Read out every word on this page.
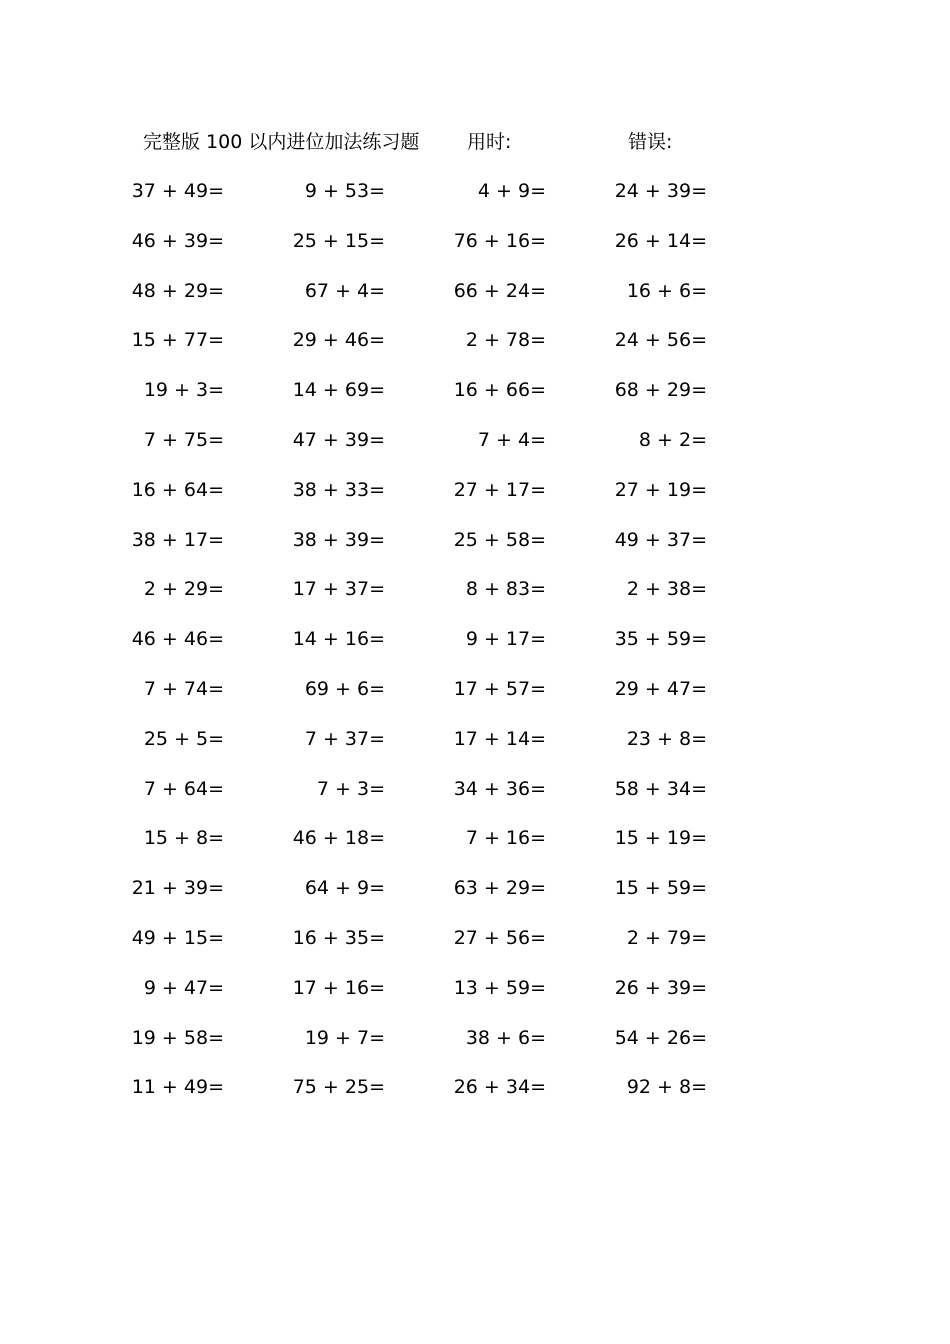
完整版 100 以内进位加法练习题	用时:	错误:
37 + 49=	9 + 53=	4 + 9=	24 + 39=
46 + 39=	25 + 15=	76 + 16=	26 + 14=
48 + 29=	67 + 4=	66 + 24=	16 + 6=
15 + 77=	29 + 46=	2 + 78=	24 + 56=
19 + 3=	14 + 69=	16 + 66=	68 + 29=
7 + 75=	47 + 39=	7 + 4=	8 + 2=
16 + 64=	38 + 33=	27 + 17=	27 + 19=
38 + 17=	38 + 39=	25 + 58=	49 + 37=
2 + 29=	17 + 37=	8 + 83=	2 + 38=
46 + 46=	14 + 16=	9 + 17=	35 + 59=
7 + 74=	69 + 6=	17 + 57=	29 + 47=
25 + 5=	7 + 37=	17 + 14=	23 + 8=
7 + 64=	7 + 3=	34 + 36=	58 + 34=
15 + 8=	46 + 18=	7 + 16=	15 + 19=
21 + 39=	64 + 9=	63 + 29=	15 + 59=
49 + 15=	16 + 35=	27 + 56=	2 + 79=
9 + 47=	17 + 16=	13 + 59=	26 + 39=
19 + 58=	19 + 7=	38 + 6=	54 + 26=
11 + 49=	75 + 25=	26 + 34=	92 + 8=
